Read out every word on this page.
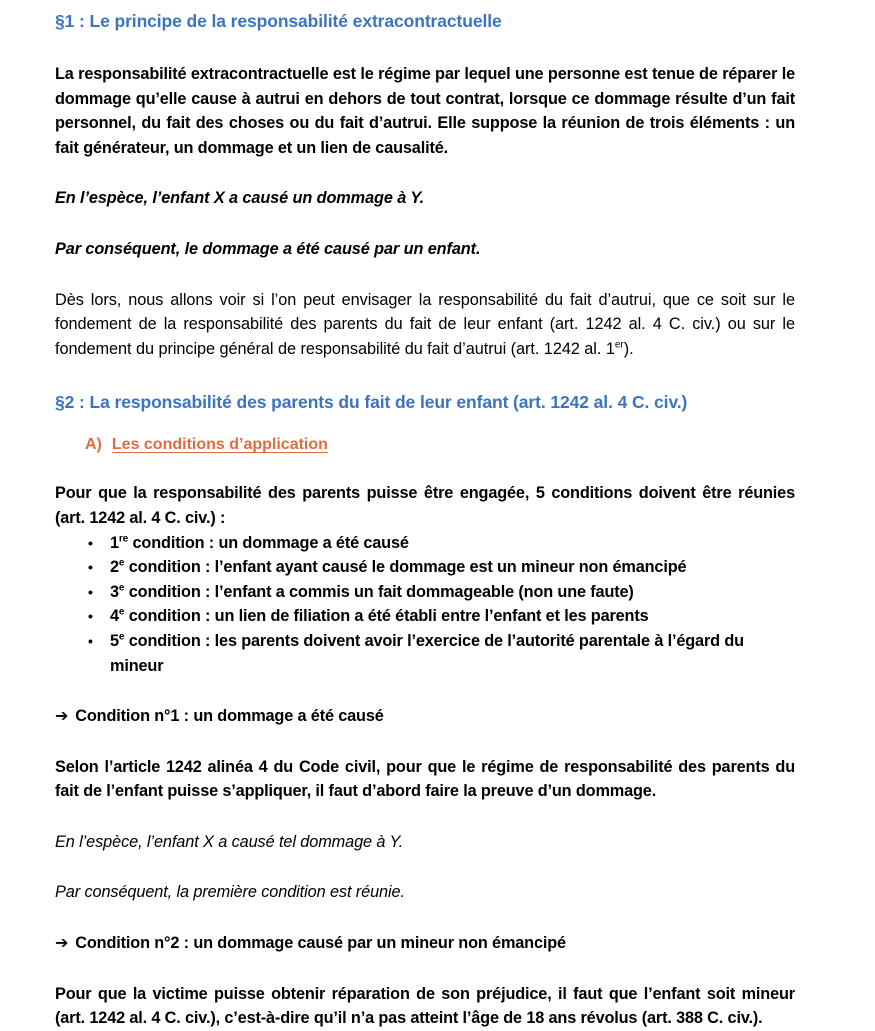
§1 : Le principe de la responsabilité extracontractuelle

La responsabilité extracontractuelle est le régime par lequel une personne est tenue de réparer le dommage qu’elle cause à autrui en dehors de tout contrat, lorsque ce dommage résulte d’un fait personnel, du fait des choses ou du fait d’autrui. Elle suppose la réunion de trois éléments : un fait générateur, un dommage et un lien de causalité.

En l’espèce, l’enfant X a causé un dommage à Y.

Par conséquent, le dommage a été causé par un enfant.

Dès lors, nous allons voir si l’on peut envisager la responsabilité du fait d’autrui, que ce soit sur le fondement de la responsabilité des parents du fait de leur enfant (art. 1242 al. 4 C. civ.) ou sur le fondement du principe général de responsabilité du fait d’autrui (art. 1242 al. 1er).

§2 : La responsabilité des parents du fait de leur enfant (art. 1242 al. 4 C. civ.)
A) Les conditions d’application

Pour que la responsabilité des parents puisse être engagée, 5 conditions doivent être réunies (art. 1242 al. 4 C. civ.) :

• 1re condition : un dommage a été causé
• 2e condition : l’enfant ayant causé le dommage est un mineur non émancipé
• 3e condition : l’enfant a commis un fait dommageable (non une faute)
• 4e condition : un lien de filiation a été établi entre l’enfant et les parents
• 5e condition : les parents doivent avoir l’exercice de l’autorité parentale à l’égard du mineur

➔ Condition n°1 : un dommage a été causé

Selon l’article 1242 alinéa 4 du Code civil, pour que le régime de responsabilité des parents du fait de l’enfant puisse s’appliquer, il faut d’abord faire la preuve d’un dommage.

En l’espèce, l’enfant X a causé tel dommage à Y.

Par conséquent, la première condition est réunie.

➔ Condition n°2 : un dommage causé par un mineur non émancipé

Pour que la victime puisse obtenir réparation de son préjudice, il faut que l’enfant soit mineur (art. 1242 al. 4 C. civ.), c’est-à-dire qu’il n’a pas atteint l’âge de 18 ans révolus (art. 388 C. civ.).
